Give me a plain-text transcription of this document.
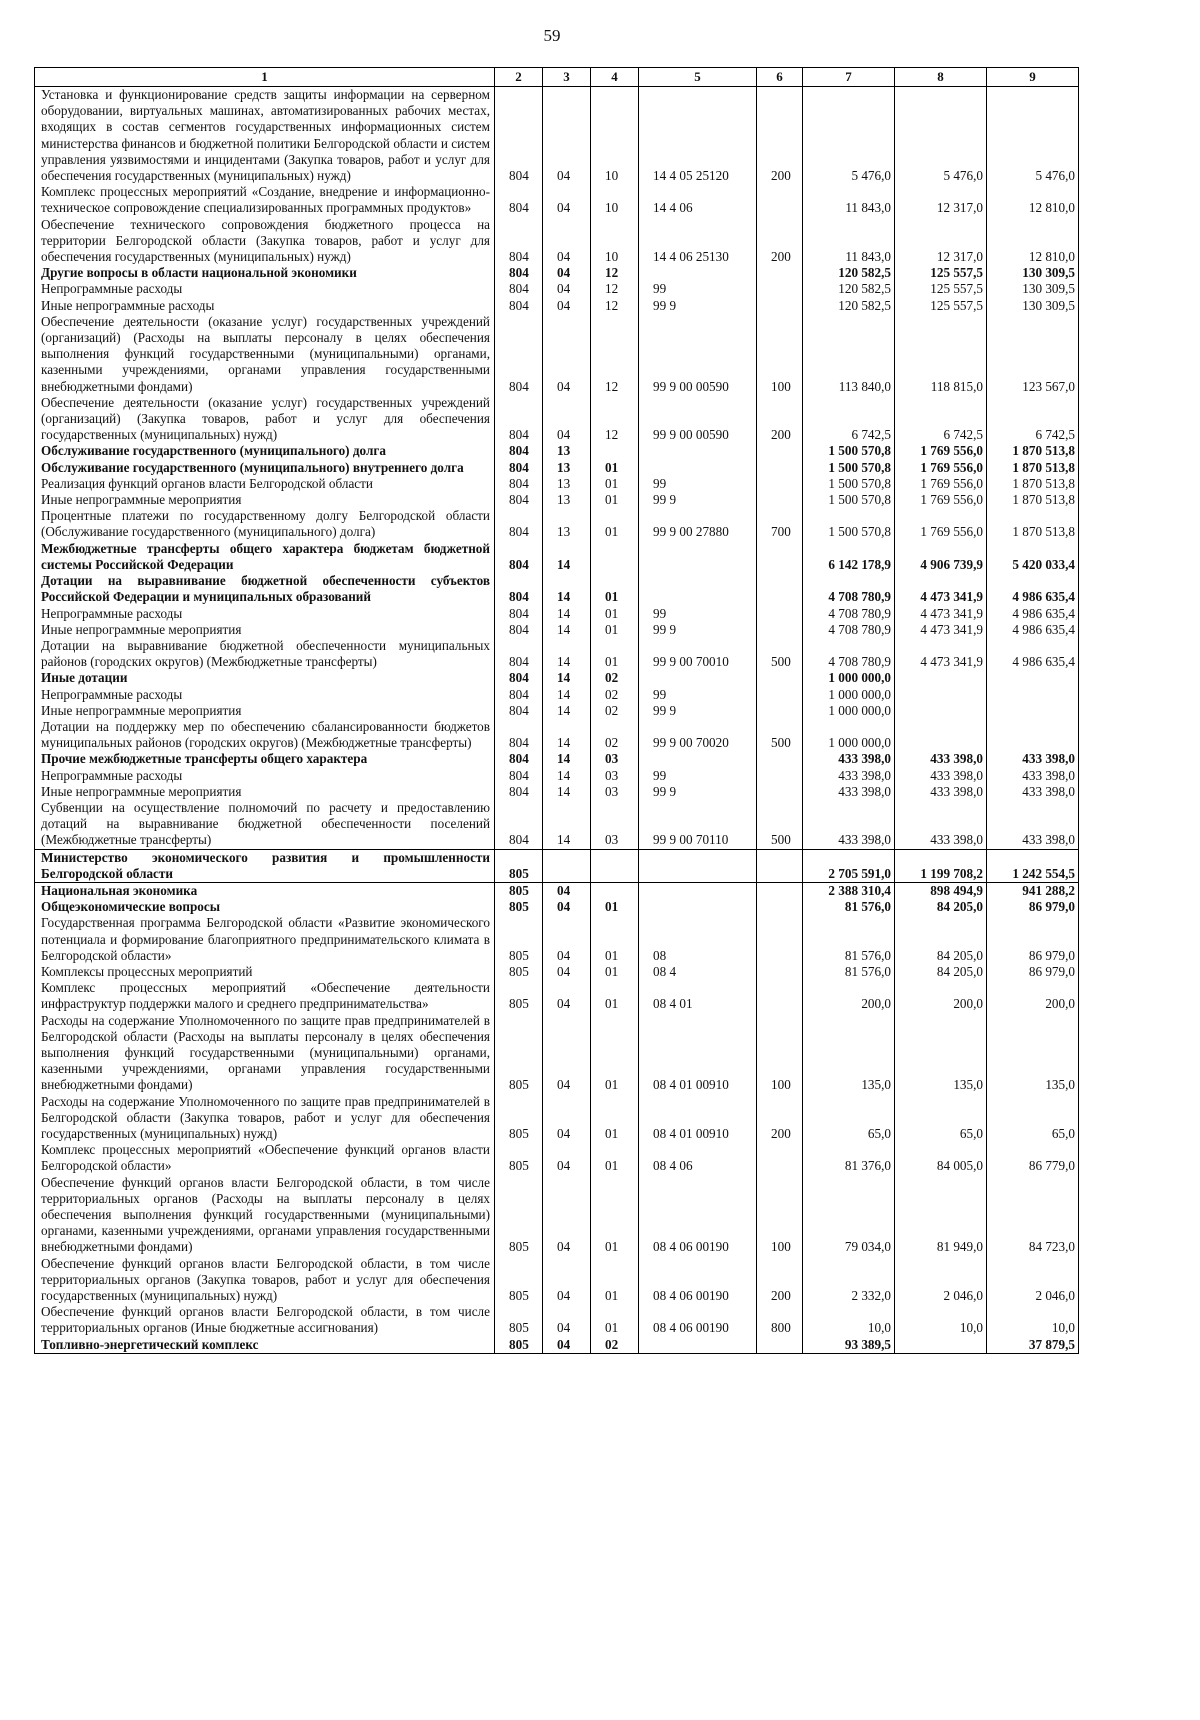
59
1	2	3	4	5	6	7	8	9
Установка и функционирование средств защиты информации на серверном оборудовании, виртуальных машинах, автоматизированных рабочих местах, входящих в состав сегментов государственных информационных систем министерства финансов и бюджетной политики Белгородской области и систем управления уязвимостями и инцидентами (Закупка товаров, работ и услуг для обеспечения государственных (муниципальных) нужд)	804	04	10	14 4 05 25120	200	5 476,0	5 476,0	5 476,0
Комплекс процессных мероприятий «Создание, внедрение и информационно-техническое сопровождение специализированных программных продуктов»	804	04	10	14 4 06		11 843,0	12 317,0	12 810,0
Обеспечение технического сопровождения бюджетного процесса на территории Белгородской области (Закупка товаров, работ и услуг для обеспечения государственных (муниципальных) нужд)	804	04	10	14 4 06 25130	200	11 843,0	12 317,0	12 810,0
Другие вопросы в области национальной экономики	804	04	12			120 582,5	125 557,5	130 309,5
Непрограммные расходы	804	04	12	99		120 582,5	125 557,5	130 309,5
Иные непрограммные расходы	804	04	12	99 9		120 582,5	125 557,5	130 309,5
Обеспечение деятельности (оказание услуг) государственных учреждений (организаций) (Расходы на выплаты персоналу в целях обеспечения выполнения функций государственными (муниципальными) органами, казенными учреждениями, органами управления государственными внебюджетными фондами)	804	04	12	99 9 00 00590	100	113 840,0	118 815,0	123 567,0
Обеспечение деятельности (оказание услуг) государственных учреждений (организаций) (Закупка товаров, работ и услуг для обеспечения государственных (муниципальных) нужд)	804	04	12	99 9 00 00590	200	6 742,5	6 742,5	6 742,5
Обслуживание государственного (муниципального) долга	804	13				1 500 570,8	1 769 556,0	1 870 513,8
Обслуживание государственного (муниципального) внутреннего долга	804	13	01			1 500 570,8	1 769 556,0	1 870 513,8
Реализация функций органов власти Белгородской области	804	13	01	99		1 500 570,8	1 769 556,0	1 870 513,8
Иные непрограммные мероприятия	804	13	01	99 9		1 500 570,8	1 769 556,0	1 870 513,8
Процентные платежи по государственному долгу Белгородской области (Обслуживание государственного (муниципального) долга)	804	13	01	99 9 00 27880	700	1 500 570,8	1 769 556,0	1 870 513,8
Межбюджетные трансферты общего характера бюджетам бюджетной системы Российской Федерации	804	14				6 142 178,9	4 906 739,9	5 420 033,4
Дотации на выравнивание бюджетной обеспеченности субъектов Российской Федерации и муниципальных образований	804	14	01			4 708 780,9	4 473 341,9	4 986 635,4
Непрограммные расходы	804	14	01	99		4 708 780,9	4 473 341,9	4 986 635,4
Иные непрограммные мероприятия	804	14	01	99 9		4 708 780,9	4 473 341,9	4 986 635,4
Дотации на выравнивание бюджетной обеспеченности муниципальных районов (городских округов) (Межбюджетные трансферты)	804	14	01	99 9 00 70010	500	4 708 780,9	4 473 341,9	4 986 635,4
Иные дотации	804	14	02			1 000 000,0		
Непрограммные расходы	804	14	02	99		1 000 000,0		
Иные непрограммные мероприятия	804	14	02	99 9		1 000 000,0		
Дотации на поддержку мер по обеспечению сбалансированности бюджетов муниципальных районов (городских округов) (Межбюджетные трансферты)	804	14	02	99 9 00 70020	500	1 000 000,0		
Прочие межбюджетные трансферты общего характера	804	14	03			433 398,0	433 398,0	433 398,0
Непрограммные расходы	804	14	03	99		433 398,0	433 398,0	433 398,0
Иные непрограммные мероприятия	804	14	03	99 9		433 398,0	433 398,0	433 398,0
Субвенции на осуществление полномочий по расчету и предоставлению дотаций на выравнивание бюджетной обеспеченности поселений (Межбюджетные трансферты)	804	14	03	99 9 00 70110	500	433 398,0	433 398,0	433 398,0
Министерство экономического развития и промышленности Белгородской области	805					2 705 591,0	1 199 708,2	1 242 554,5
Национальная экономика	805	04				2 388 310,4	898 494,9	941 288,2
Общеэкономические вопросы	805	04	01			81 576,0	84 205,0	86 979,0
Государственная программа Белгородской области «Развитие экономического потенциала и формирование благоприятного предпринимательского климата в Белгородской области»	805	04	01	08		81 576,0	84 205,0	86 979,0
Комплексы процессных мероприятий	805	04	01	08 4		81 576,0	84 205,0	86 979,0
Комплекс процессных мероприятий «Обеспечение деятельности инфраструктур поддержки малого и среднего предпринимательства»	805	04	01	08 4 01		200,0	200,0	200,0
Расходы на содержание Уполномоченного по защите прав предпринимателей в Белгородской области (Расходы на выплаты персоналу в целях обеспечения выполнения функций государственными (муниципальными) органами, казенными учреждениями, органами управления государственными внебюджетными фондами)	805	04	01	08 4 01 00910	100	135,0	135,0	135,0
Расходы на содержание Уполномоченного по защите прав предпринимателей в Белгородской области (Закупка товаров, работ и услуг для обеспечения государственных (муниципальных) нужд)	805	04	01	08 4 01 00910	200	65,0	65,0	65,0
Комплекс процессных мероприятий «Обеспечение функций органов власти Белгородской области»	805	04	01	08 4 06		81 376,0	84 005,0	86 779,0
Обеспечение функций органов власти Белгородской области, в том числе территориальных органов (Расходы на выплаты персоналу в целях обеспечения выполнения функций государственными (муниципальными) органами, казенными учреждениями, органами управления государственными внебюджетными фондами)	805	04	01	08 4 06 00190	100	79 034,0	81 949,0	84 723,0
Обеспечение функций органов власти Белгородской области, в том числе территориальных органов (Закупка товаров, работ и услуг для обеспечения государственных (муниципальных) нужд)	805	04	01	08 4 06 00190	200	2 332,0	2 046,0	2 046,0
Обеспечение функций органов власти Белгородской области, в том числе территориальных органов (Иные бюджетные ассигнования)	805	04	01	08 4 06 00190	800	10,0	10,0	10,0
Топливно-энергетический комплекс	805	04	02			93 389,5		37 879,5
